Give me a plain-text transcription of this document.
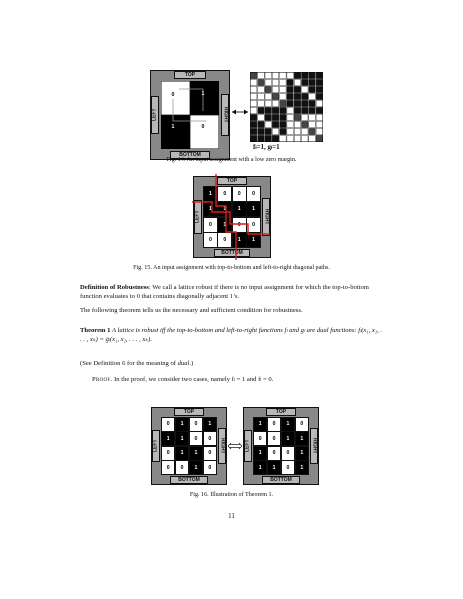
TOP
BOTTOM
LEFT	RIGHT
0	1
1	0
fₗ=1, gₗ=1
Fig. 14. An input assignment with a low zero margin.
TOP
BOTTOM
LEFT	RIGHT
1	0	0	0
1	1	1	1
0	1	0	0
0	0	1	1
Fig. 15. An input assignment with top-to-bottom and left-to-right diagonal paths.
Definition of Robustness: We call a lattice robust if there is no input assignment for which the top-to-bottom function evaluates to 0 that contains diagonally adjacent 1’s.
The following theorem tells us the necessary and sufficient condition for robustness.
Theorem 1 A lattice is robust iff the top-to-bottom and left-to-right functions fₗ and gₗ are dual functions: fₗ(x₁, x₂, . . . , xₖ) = ḡₗ(x₁, x₂, . . . , xₖ).
(See Definition 6 for the meaning of dual.)
Proof. In the proof, we consider two cases, namely fₗ = 1 and fₗ = 0.
TOP
BOTTOM
LEFT	RIGHT
0	1	0	1
1	1	0	0
0	1	1	0
0	0	1	0
TOP
BOTTOM
LEFT	RIGHT
1	0	1	0
0	0	1	1
1	0	0	1
1	1	0	1
Fig. 16. Illustration of Theorem 1.
11
